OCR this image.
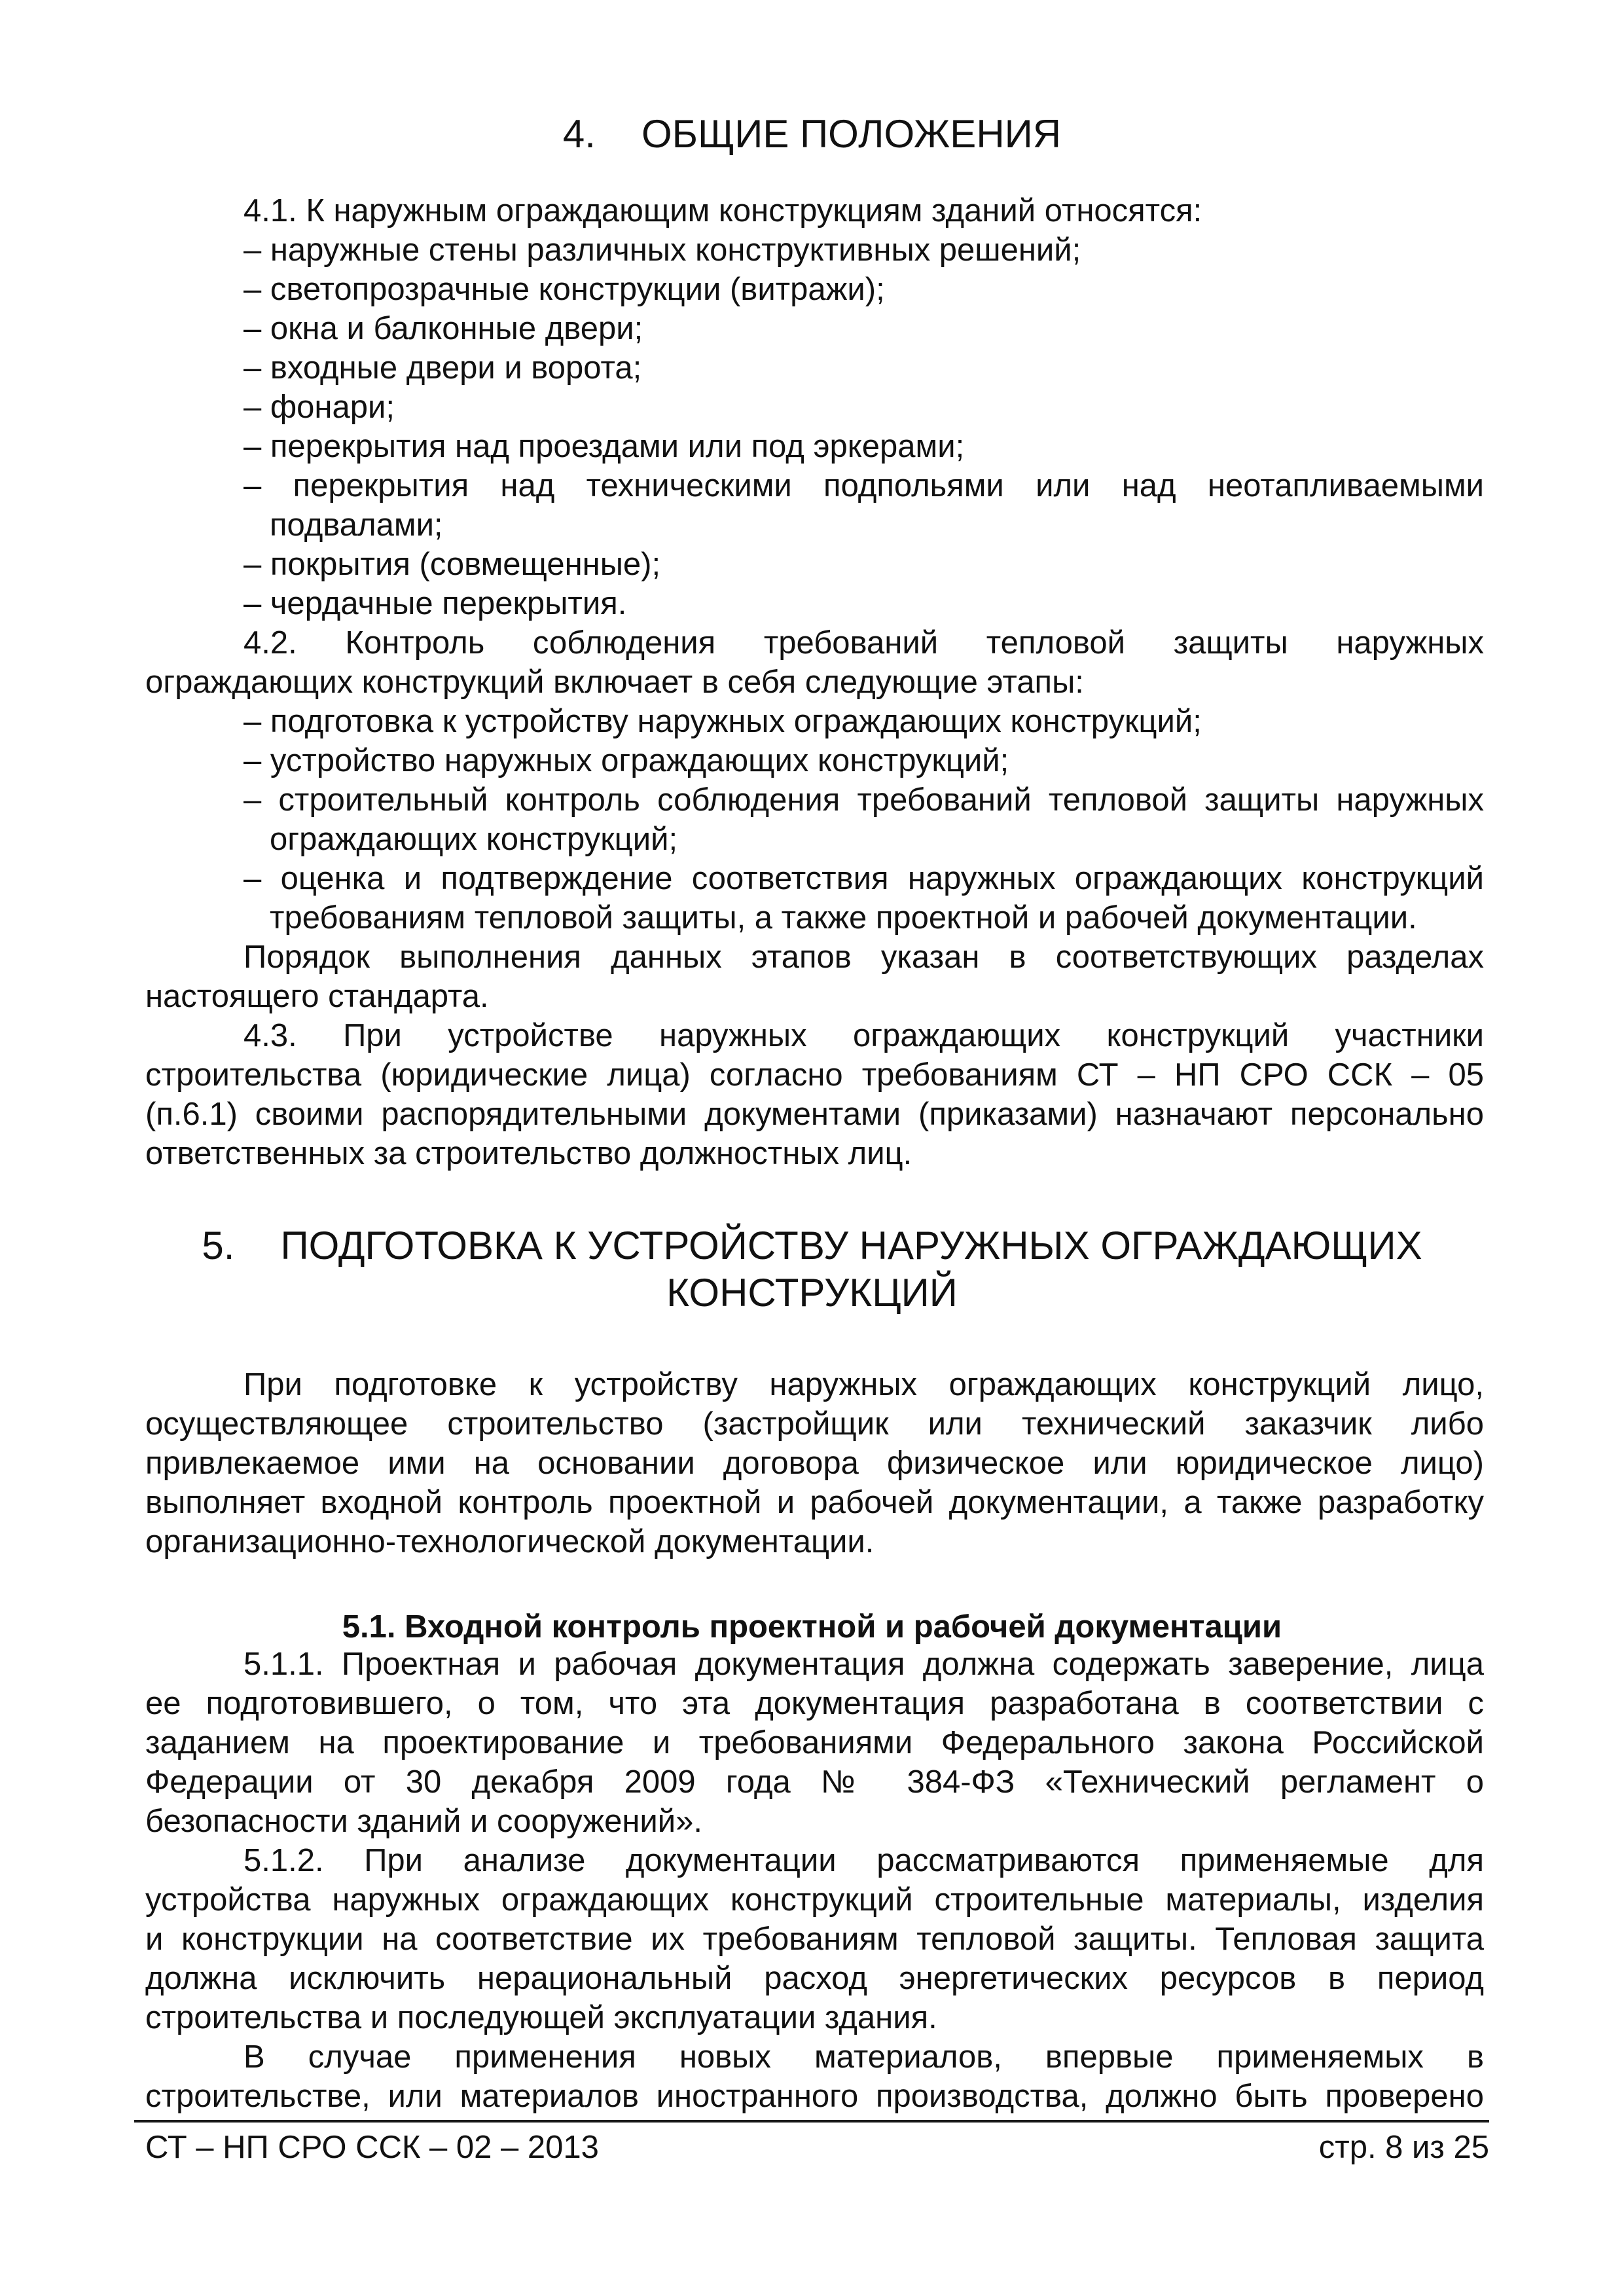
4. ОБЩИЕ ПОЛОЖЕНИЯ
4.1. К наружным ограждающим конструкциям зданий относятся:
– наружные стены различных конструктивных решений;
– светопрозрачные конструкции (витражи);
– окна и балконные двери;
– входные двери и ворота;
– фонари;
– перекрытия над проездами или под эркерами;
– перекрытия над техническими подпольями или над неотапливаемыми
подвалами;
– покрытия (совмещенные);
– чердачные перекрытия.
4.2. Контроль соблюдения требований тепловой защиты наружных
ограждающих конструкций включает в себя следующие этапы:
– подготовка к устройству наружных ограждающих конструкций;
– устройство наружных ограждающих конструкций;
– строительный контроль соблюдения требований тепловой защиты наружных
ограждающих конструкций;
– оценка и подтверждение соответствия наружных ограждающих конструкций
требованиям тепловой защиты, а также проектной и рабочей документации.
Порядок выполнения данных этапов указан в соответствующих разделах
настоящего стандарта.
4.3. При устройстве наружных ограждающих конструкций участники
строительства (юридические лица) согласно требованиям СТ – НП СРО ССК – 05
(п.6.1) своими распорядительными документами (приказами) назначают персонально
ответственных за строительство должностных лиц.
5. ПОДГОТОВКА К УСТРОЙСТВУ НАРУЖНЫХ ОГРАЖДАЮЩИХ
КОНСТРУКЦИЙ
При подготовке к устройству наружных ограждающих конструкций лицо,
осуществляющее строительство (застройщик или технический заказчик либо
привлекаемое ими на основании договора физическое или юридическое лицо)
выполняет входной контроль проектной и рабочей документации, а также разработку
организационно-технологической документации.
5.1. Входной контроль проектной и рабочей документации
5.1.1. Проектная и рабочая документация должна содержать заверение, лица
ее подготовившего, о том, что эта документация разработана в соответствии с
заданием на проектирование и требованиями Федерального закона Российской
Федерации от 30 декабря 2009 года № 384-ФЗ «Технический регламент о
безопасности зданий и сооружений».
5.1.2. При анализе документации рассматриваются применяемые для
устройства наружных ограждающих конструкций строительные материалы, изделия
и конструкции на соответствие их требованиям тепловой защиты. Тепловая защита
должна исключить нерациональный расход энергетических ресурсов в период
строительства и последующей эксплуатации здания.
В случае применения новых материалов, впервые применяемых в
СТ – НП СРО ССК – 02 – 2013	стр. 8 из 25
строительстве, или материалов иностранного производства, должно быть проверено
